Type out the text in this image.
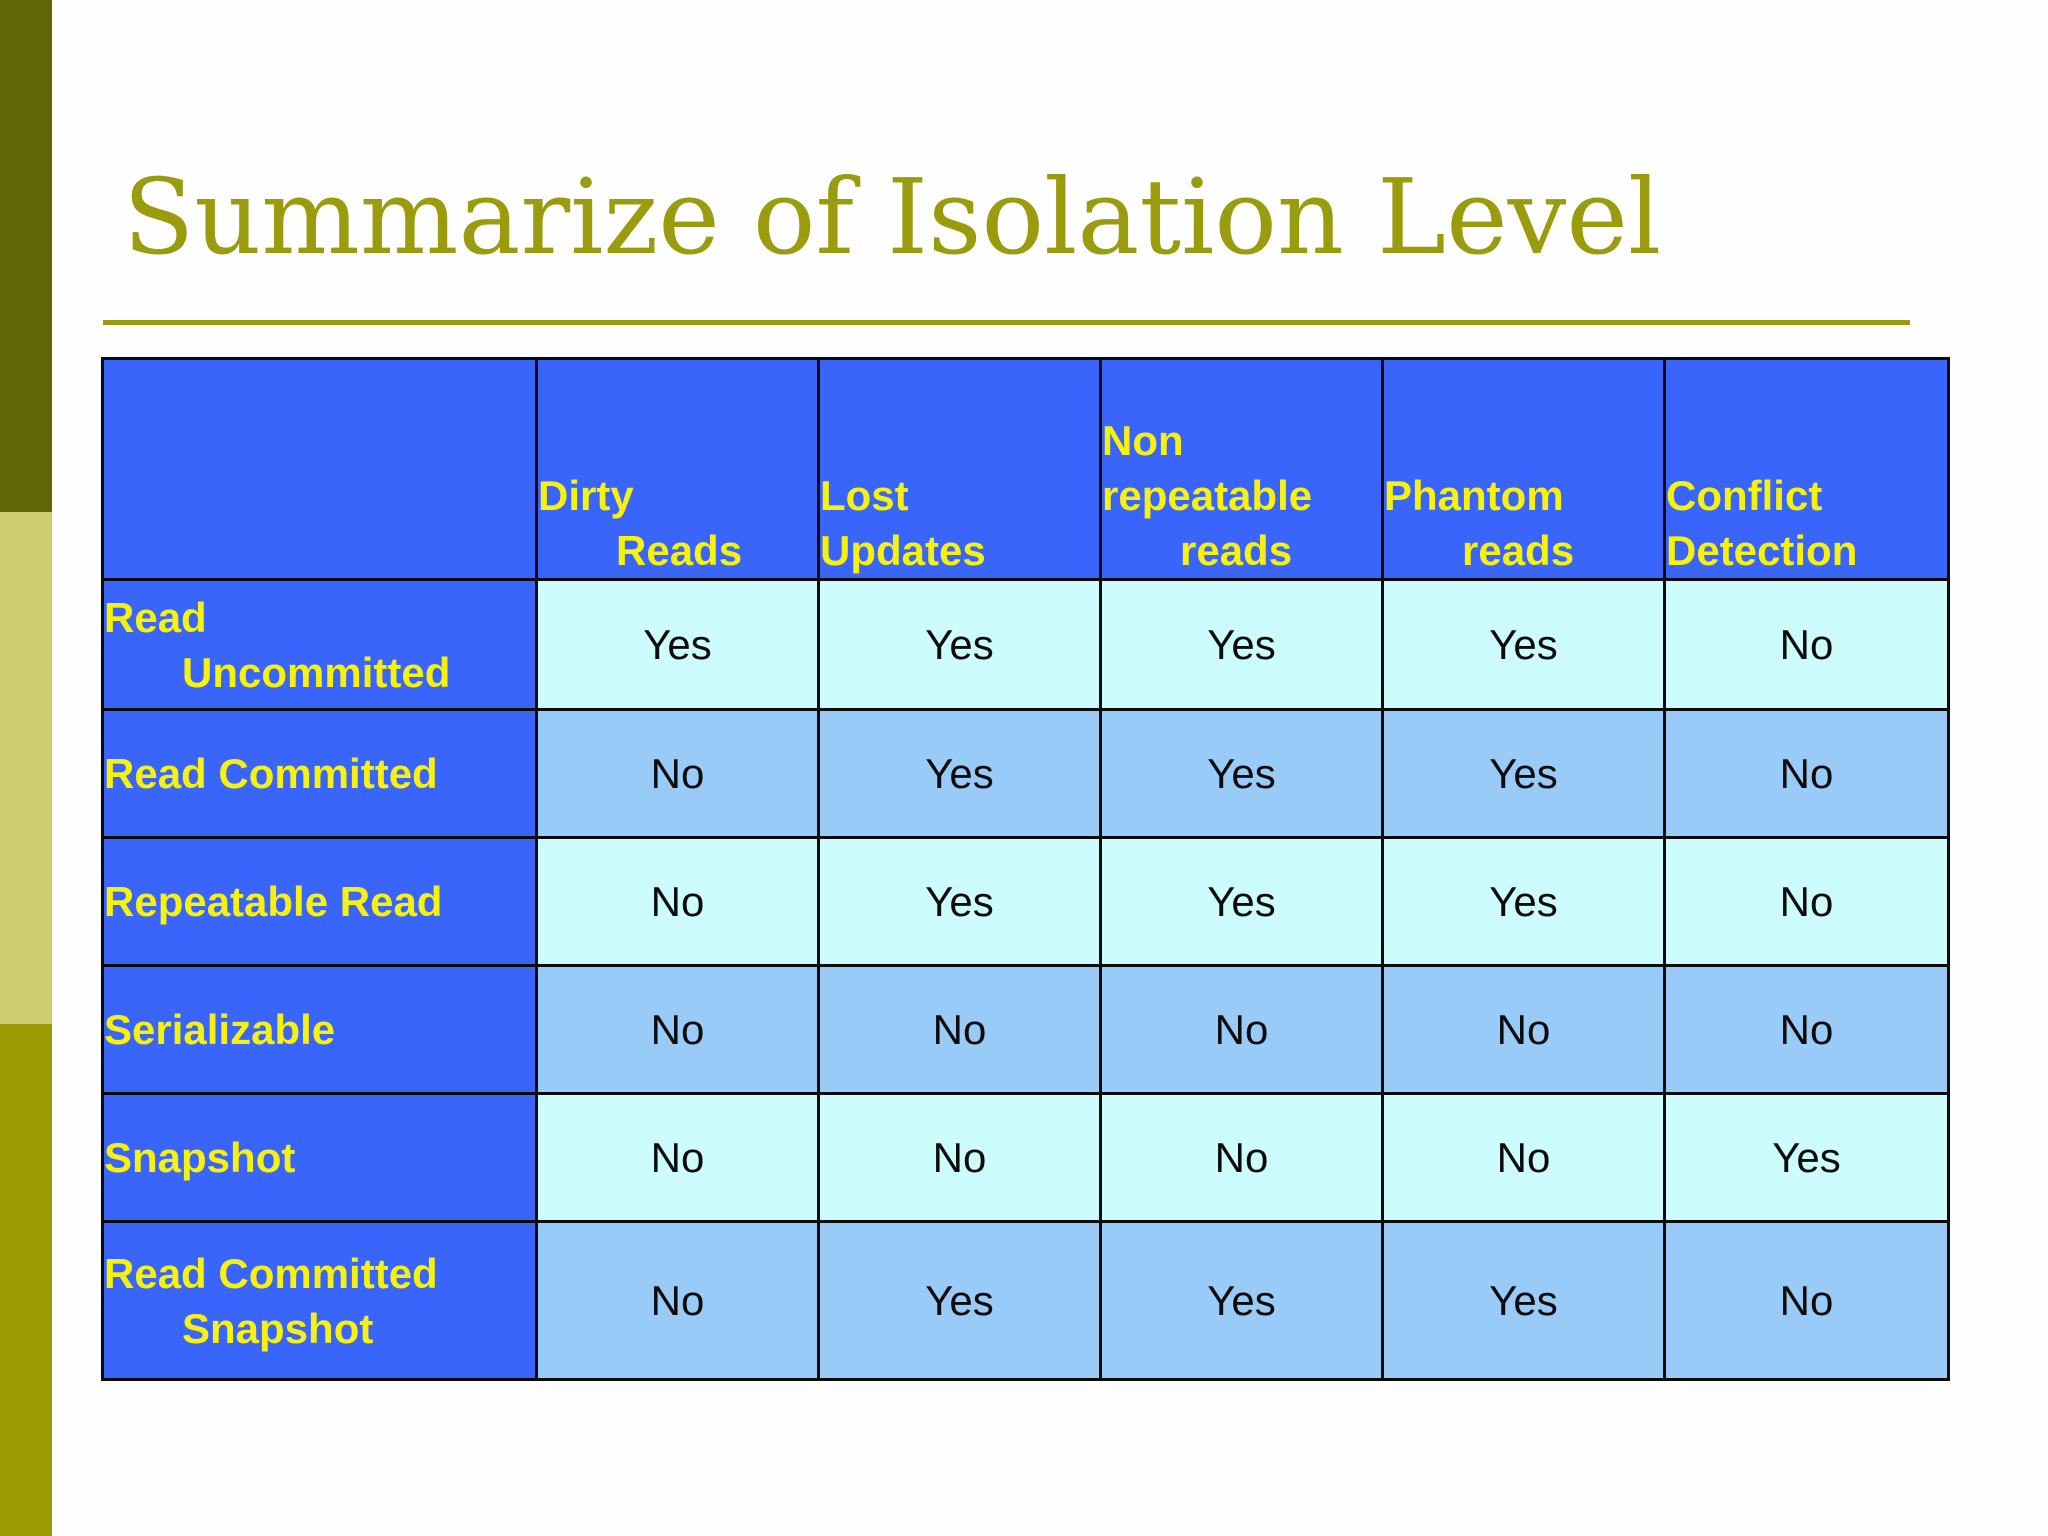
Summarize of Isolation Level

	Dirty
Reads	Lost
Updates	Non
repeatable
reads	Phantom
reads	Conflict
Detection

Read
Uncommitted	Yes	Yes	Yes	Yes	No

Read Committed	No	Yes	Yes	Yes	No

Repeatable Read	No	Yes	Yes	Yes	No

Serializable	No	No	No	No	No

Snapshot	No	No	No	No	Yes

Read Committed
Snapshot	No	Yes	Yes	Yes	No
